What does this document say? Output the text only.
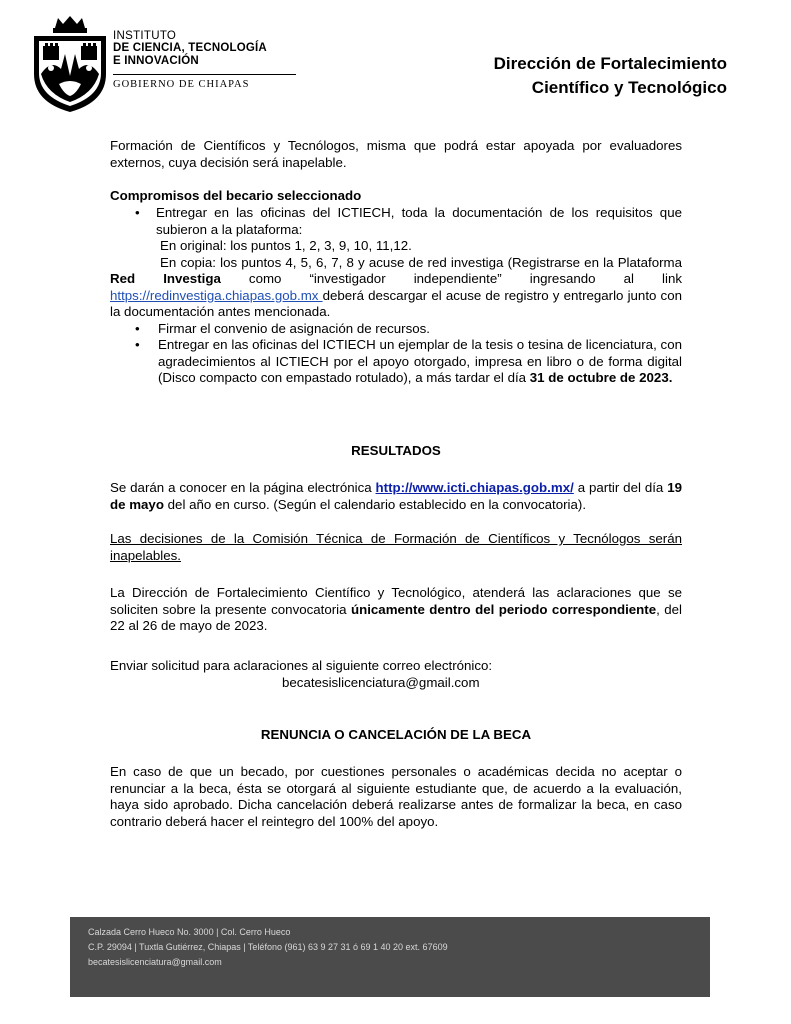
INSTITUTO
DE CIENCIA, TECNOLOGÍA
E INNOVACIÓN
GOBIERNO DE CHIAPAS
Dirección de Fortalecimiento
Científico y Tecnológico
Formación de Científicos y Tecnólogos, misma que podrá estar apoyada por evaluadores externos, cuya decisión será inapelable.
Compromisos del becario seleccionado
• Entregar en las oficinas del ICTIECH, toda la documentación de los requisitos que subieron a la plataforma:
En original: los puntos 1, 2, 3, 9, 10, 11,12.
En copia: los puntos 4, 5, 6, 7, 8 y acuse de red investiga (Registrarse en la Plataforma Red Investiga como “investigador independiente” ingresando al link https://redinvestiga.chiapas.gob.mx deberá descargar el acuse de registro y entregarlo junto con la documentación antes mencionada.
• Firmar el convenio de asignación de recursos.
• Entregar en las oficinas del ICTIECH un ejemplar de la tesis o tesina de licenciatura, con agradecimientos al ICTIECH por el apoyo otorgado, impresa en libro o de forma digital (Disco compacto con empastado rotulado), a más tardar el día 31 de octubre de 2023.
RESULTADOS
Se darán a conocer en la página electrónica http://www.icti.chiapas.gob.mx/ a partir del día 19 de mayo del año en curso. (Según el calendario establecido en la convocatoria).
Las decisiones de la Comisión Técnica de Formación de Científicos y Tecnólogos serán inapelables.
La Dirección de Fortalecimiento Científico y Tecnológico, atenderá las aclaraciones que se soliciten sobre la presente convocatoria únicamente dentro del periodo correspondiente, del 22 al 26 de mayo de 2023.
Enviar solicitud para aclaraciones al siguiente correo electrónico:
becatesislicenciatura@gmail.com
RENUNCIA O CANCELACIÓN DE LA BECA
En caso de que un becado, por cuestiones personales o académicas decida no aceptar o renunciar a la beca, ésta se otorgará al siguiente estudiante que, de acuerdo a la evaluación, haya sido aprobado. Dicha cancelación deberá realizarse antes de formalizar la beca, en caso contrario deberá hacer el reintegro del 100% del apoyo.
Calzada Cerro Hueco No. 3000 | Col. Cerro Hueco
C.P. 29094 | Tuxtla Gutiérrez, Chiapas | Teléfono (961) 63 9 27 31 ó 69 1 40 20 ext. 67609
becatesislicenciatura@gmail.com
